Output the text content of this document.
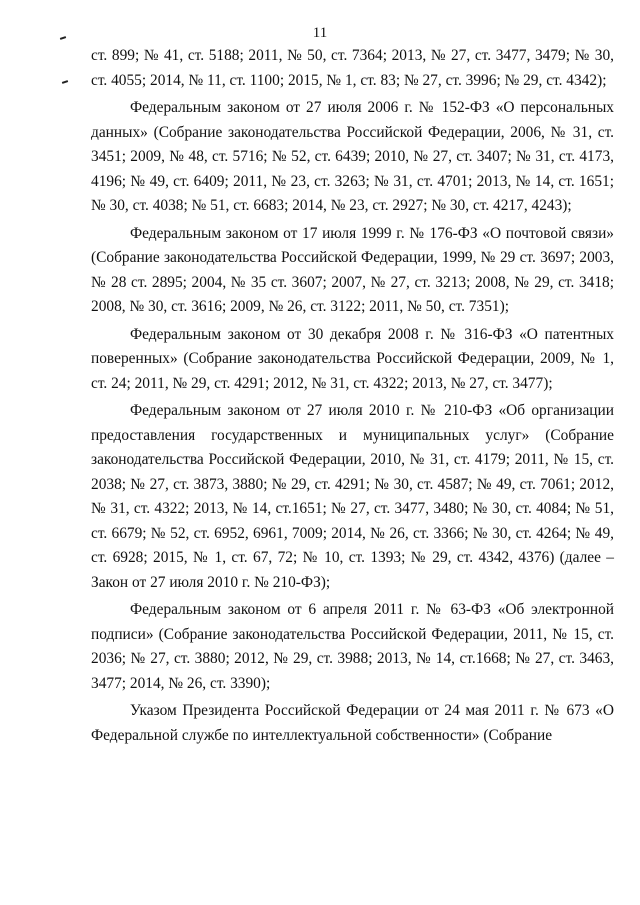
11

ст. 899; № 41, ст. 5188; 2011, № 50, ст. 7364; 2013, № 27, ст. 3477, 3479; № 30, ст. 4055; 2014, № 11, ст. 1100; 2015, № 1, ст. 83; № 27, ст. 3996; № 29, ст. 4342);

Федеральным законом от 27 июля 2006 г. № 152-ФЗ «О персональных данных» (Собрание законодательства Российской Федерации, 2006, № 31, ст. 3451; 2009, № 48, ст. 5716; № 52, ст. 6439; 2010, № 27, ст. 3407; № 31, ст. 4173, 4196; № 49, ст. 6409; 2011, № 23, ст. 3263; № 31, ст. 4701; 2013, № 14, ст. 1651; № 30, ст. 4038; № 51, ст. 6683; 2014, № 23, ст. 2927; № 30, ст. 4217, 4243);

Федеральным законом от 17 июля 1999 г. № 176-ФЗ «О почтовой связи» (Собрание законодательства Российской Федерации, 1999, № 29 ст. 3697; 2003, № 28 ст. 2895; 2004, № 35 ст. 3607; 2007, № 27, ст. 3213; 2008, № 29, ст. 3418; 2008, № 30, ст. 3616; 2009, № 26, ст. 3122; 2011, № 50, ст. 7351);

Федеральным законом от 30 декабря 2008 г. № 316-ФЗ «О патентных поверенных» (Собрание законодательства Российской Федерации, 2009, № 1, ст. 24; 2011, № 29, ст. 4291; 2012, № 31, ст. 4322; 2013, № 27, ст. 3477);

Федеральным законом от 27 июля 2010 г. № 210-ФЗ «Об организации предоставления государственных и муниципальных услуг» (Собрание законодательства Российской Федерации, 2010, № 31, ст. 4179; 2011, № 15, ст. 2038; № 27, ст. 3873, 3880; № 29, ст. 4291; № 30, ст. 4587; № 49, ст. 7061; 2012, № 31, ст. 4322; 2013, № 14, ст.1651; № 27, ст. 3477, 3480; № 30, ст. 4084; № 51, ст. 6679; № 52, ст. 6952, 6961, 7009; 2014, № 26, ст. 3366; № 30, ст. 4264; № 49, ст. 6928; 2015, № 1, ст. 67, 72; № 10, ст. 1393; № 29, ст. 4342, 4376) (далее – Закон от 27 июля 2010 г. № 210-ФЗ);

Федеральным законом от 6 апреля 2011 г. № 63-ФЗ «Об электронной подписи» (Собрание законодательства Российской Федерации, 2011, № 15, ст. 2036; № 27, ст. 3880; 2012, № 29, ст. 3988; 2013, № 14, ст.1668; № 27, ст. 3463, 3477; 2014, № 26, ст. 3390);

Указом Президента Российской Федерации от 24 мая 2011 г. № 673 «О Федеральной службе по интеллектуальной собственности» (Собрание
